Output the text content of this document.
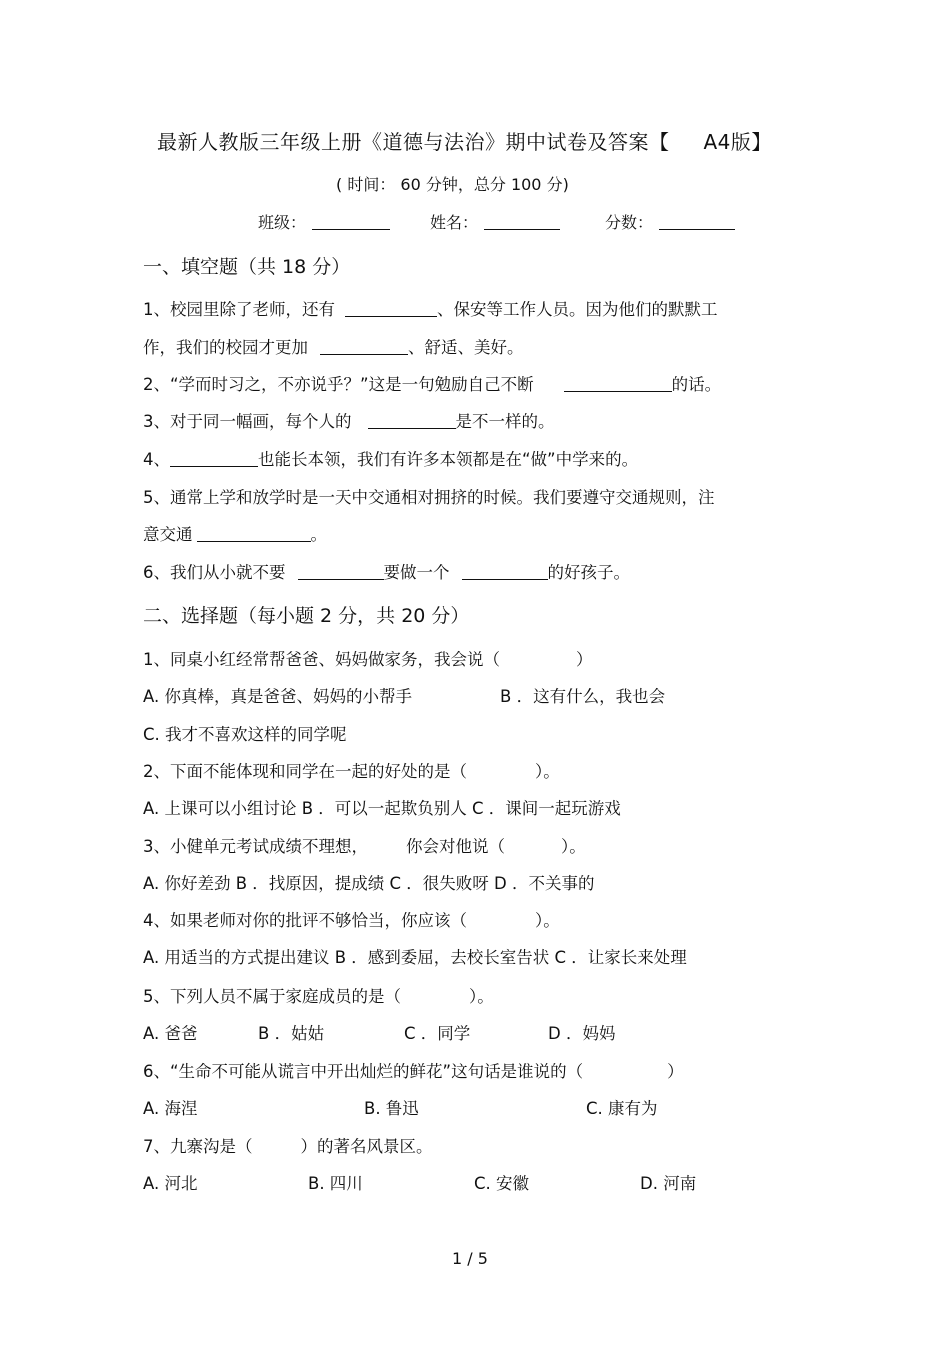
最新人教版三年级上册《道德与法治》期中试卷及答案【 A4版】
( 时间： 60 分钟，总分 100 分)
班级：	姓名：	分数：
一、填空题（共 18 分）
1、校园里除了老师，还有	、保安等工作人员。因为他们的默默工
作，我们的校园才更加	、舒适、美好。
2、“学而时习之，不亦说乎？”这是一句勉励自己不断	的话。
3、对于同一幅画，每个人的	是不一样的。
4、	也能长本领，我们有许多本领都是在“做”中学来的。
5、通常上学和放学时是一天中交通相对拥挤的时候。我们要遵守交通规则，注
意交通	。
6、我们从小就不要	要做一个	的好孩子。
二、选择题（每小题 2 分，共 20 分）
1、同桌小红经常帮爸爸、妈妈做家务，我会说（	）
A. 你真棒，真是爸爸、妈妈的小帮手	B ．这有什么，我也会
C. 我才不喜欢这样的同学呢
2、下面不能体现和同学在一起的好处的是（	）。
A. 上课可以小组讨论 B ．可以一起欺负别人 C ．课间一起玩游戏
3、小健单元考试成绩不理想， 你会对他说（	）。
A. 你好差劲 B ．找原因，提成绩 C ．很失败呀 D ．不关事的
4、如果老师对你的批评不够恰当，你应该（	）。
A. 用适当的方式提出建议 B ．感到委屈，去校长室告状 C ．让家长来处理
5、下列人员不属于家庭成员的是（	）。
A. 爸爸	B ．姑姑	C ．同学	D ．妈妈
6、“生命不可能从谎言中开出灿烂的鲜花”这句话是谁说的（	）
A. 海涅	B. 鲁迅	C. 康有为
7、九寨沟是（	）的著名风景区。
A. 河北	B. 四川	C. 安徽	D. 河南
1 / 5
